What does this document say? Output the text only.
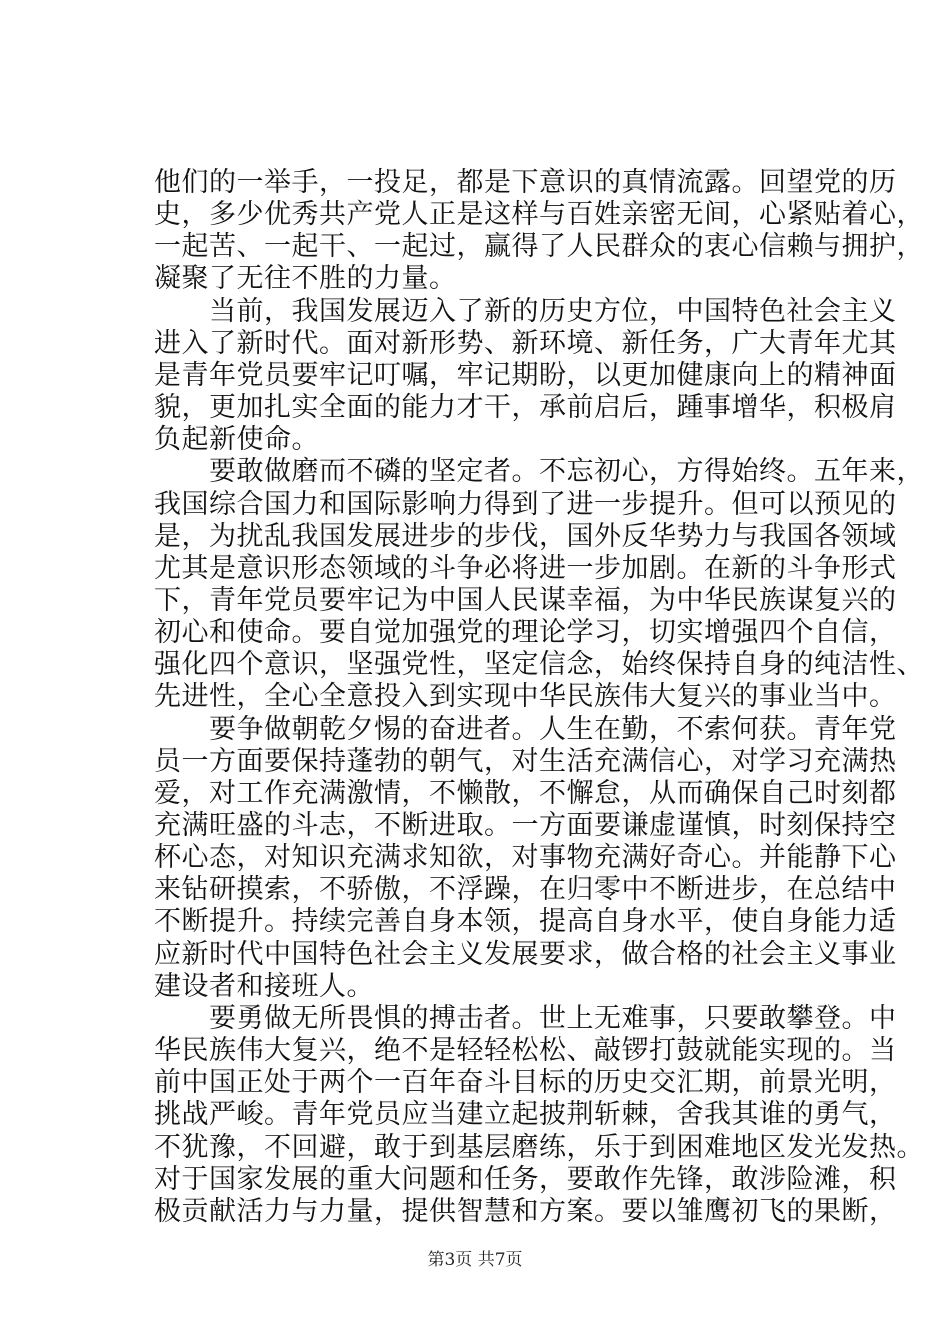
他们的一举手，一投足，都是下意识的真情流露。回望党的历
史，多少优秀共产党人正是这样与百姓亲密无间，心紧贴着心，
一起苦、一起干、一起过，赢得了人民群众的衷心信赖与拥护，
凝聚了无往不胜的力量。
　　当前，我国发展迈入了新的历史方位，中国特色社会主义
进入了新时代。面对新形势、新环境、新任务，广大青年尤其
是青年党员要牢记叮嘱，牢记期盼，以更加健康向上的精神面
貌，更加扎实全面的能力才干，承前启后，踵事增华，积极肩
负起新使命。
　　要敢做磨而不磷的坚定者。不忘初心，方得始终。五年来，
我国综合国力和国际影响力得到了进一步提升。但可以预见的
是，为扰乱我国发展进步的步伐，国外反华势力与我国各领域
尤其是意识形态领域的斗争必将进一步加剧。在新的斗争形式
下，青年党员要牢记为中国人民谋幸福，为中华民族谋复兴的
初心和使命。要自觉加强党的理论学习，切实增强四个自信，
强化四个意识，坚强党性，坚定信念，始终保持自身的纯洁性、
先进性，全心全意投入到实现中华民族伟大复兴的事业当中。
　　要争做朝乾夕惕的奋进者。人生在勤，不索何获。青年党
员一方面要保持蓬勃的朝气，对生活充满信心，对学习充满热
爱，对工作充满激情，不懒散，不懈怠，从而确保自己时刻都
充满旺盛的斗志，不断进取。一方面要谦虚谨慎，时刻保持空
杯心态，对知识充满求知欲，对事物充满好奇心。并能静下心
来钻研摸索，不骄傲，不浮躁，在归零中不断进步，在总结中
不断提升。持续完善自身本领，提高自身水平，使自身能力适
应新时代中国特色社会主义发展要求，做合格的社会主义事业
建设者和接班人。
　　要勇做无所畏惧的搏击者。世上无难事，只要敢攀登。中
华民族伟大复兴，绝不是轻轻松松、敲锣打鼓就能实现的。当
前中国正处于两个一百年奋斗目标的历史交汇期，前景光明，
挑战严峻。青年党员应当建立起披荆斩棘，舍我其谁的勇气，
不犹豫，不回避，敢于到基层磨练，乐于到困难地区发光发热。
对于国家发展的重大问题和任务，要敢作先锋，敢涉险滩，积
极贡献活力与力量，提供智慧和方案。要以雏鹰初飞的果断，
第3页 共7页
